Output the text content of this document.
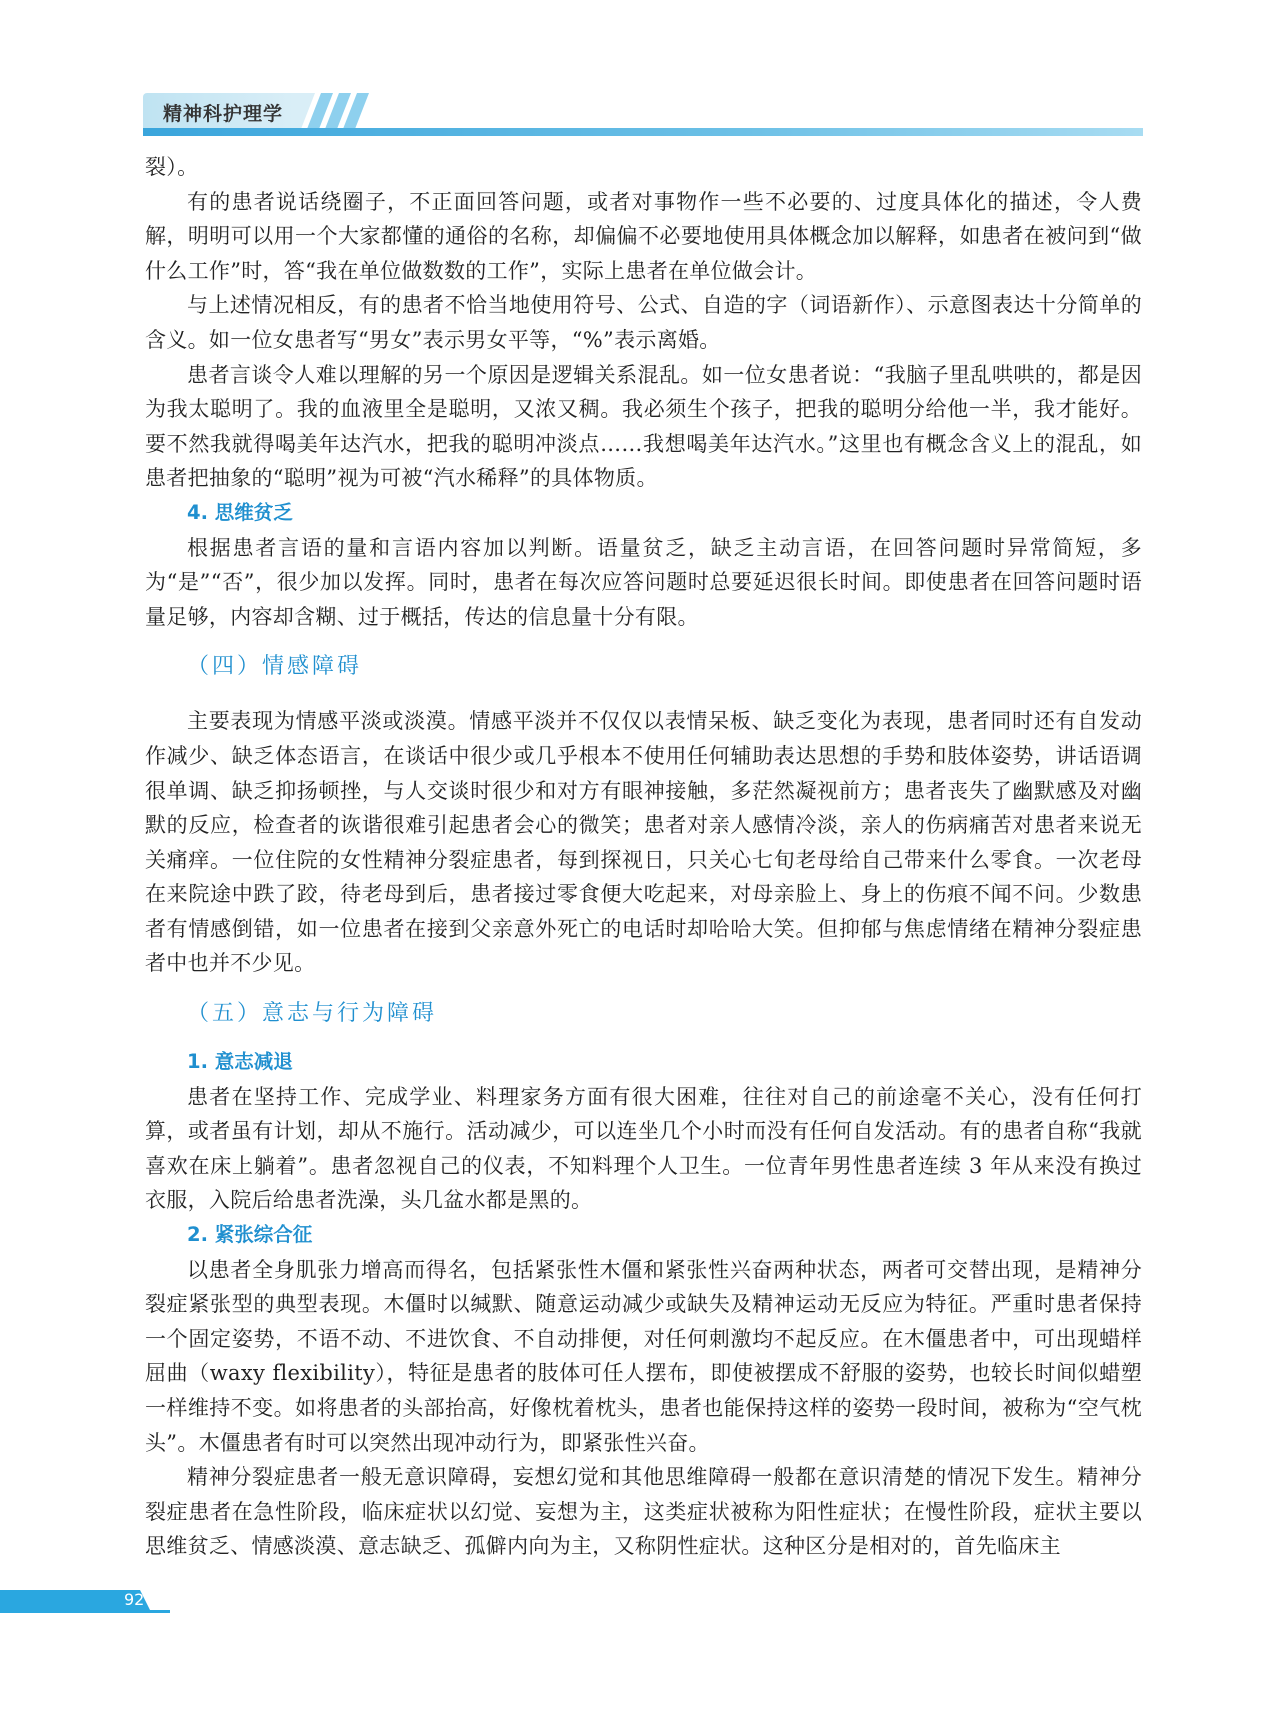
精神科护理学

裂）。

有的患者说话绕圈子，不正面回答问题，或者对事物作一些不必要的、过度具体化的描述，令人费解，明明可以用一个大家都懂的通俗的名称，却偏偏不必要地使用具体概念加以解释，如患者在被问到“做什么工作”时，答“我在单位做数数的工作”，实际上患者在单位做会计。

与上述情况相反，有的患者不恰当地使用符号、公式、自造的字（词语新作）、示意图表达十分简单的含义。如一位女患者写“男女”表示男女平等，“%”表示离婚。

患者言谈令人难以理解的另一个原因是逻辑关系混乱。如一位女患者说：“我脑子里乱哄哄的，都是因为我太聪明了。我的血液里全是聪明，又浓又稠。我必须生个孩子，把我的聪明分给他一半，我才能好。要不然我就得喝美年达汽水，把我的聪明冲淡点……我想喝美年达汽水。”这里也有概念含义上的混乱，如患者把抽象的“聪明”视为可被“汽水稀释”的具体物质。

4. 思维贫乏

根据患者言语的量和言语内容加以判断。语量贫乏，缺乏主动言语，在回答问题时异常简短，多为“是”“否”，很少加以发挥。同时，患者在每次应答问题时总要延迟很长时间。即使患者在回答问题时语量足够，内容却含糊、过于概括，传达的信息量十分有限。

（四）情感障碍

主要表现为情感平淡或淡漠。情感平淡并不仅仅以表情呆板、缺乏变化为表现，患者同时还有自发动作减少、缺乏体态语言，在谈话中很少或几乎根本不使用任何辅助表达思想的手势和肢体姿势，讲话语调很单调、缺乏抑扬顿挫，与人交谈时很少和对方有眼神接触，多茫然凝视前方；患者丧失了幽默感及对幽默的反应，检查者的诙谐很难引起患者会心的微笑；患者对亲人感情冷淡，亲人的伤病痛苦对患者来说无关痛痒。一位住院的女性精神分裂症患者，每到探视日，只关心七旬老母给自己带来什么零食。一次老母在来院途中跌了跤，待老母到后，患者接过零食便大吃起来，对母亲脸上、身上的伤痕不闻不问。少数患者有情感倒错，如一位患者在接到父亲意外死亡的电话时却哈哈大笑。但抑郁与焦虑情绪在精神分裂症患者中也并不少见。

（五）意志与行为障碍
1. 意志减退

患者在坚持工作、完成学业、料理家务方面有很大困难，往往对自己的前途毫不关心，没有任何打算，或者虽有计划，却从不施行。活动减少，可以连坐几个小时而没有任何自发活动。有的患者自称“我就喜欢在床上躺着”。患者忽视自己的仪表，不知料理个人卫生。一位青年男性患者连续 3 年从来没有换过衣服，入院后给患者洗澡，头几盆水都是黑的。

2. 紧张综合征

以患者全身肌张力增高而得名，包括紧张性木僵和紧张性兴奋两种状态，两者可交替出现，是精神分裂症紧张型的典型表现。木僵时以缄默、随意运动减少或缺失及精神运动无反应为特征。严重时患者保持一个固定姿势，不语不动、不进饮食、不自动排便，对任何刺激均不起反应。在木僵患者中，可出现蜡样屈曲（waxy flexibility），特征是患者的肢体可任人摆布，即使被摆成不舒服的姿势，也较长时间似蜡塑一样维持不变。如将患者的头部抬高，好像枕着枕头，患者也能保持这样的姿势一段时间，被称为“空气枕头”。木僵患者有时可以突然出现冲动行为，即紧张性兴奋。

精神分裂症患者一般无意识障碍，妄想幻觉和其他思维障碍一般都在意识清楚的情况下发生。精神分裂症患者在急性阶段，临床症状以幻觉、妄想为主，这类症状被称为阳性症状；在慢性阶段，症状主要以思维贫乏、情感淡漠、意志缺乏、孤僻内向为主，又称阴性症状。这种区分是相对的，首先临床主

92
